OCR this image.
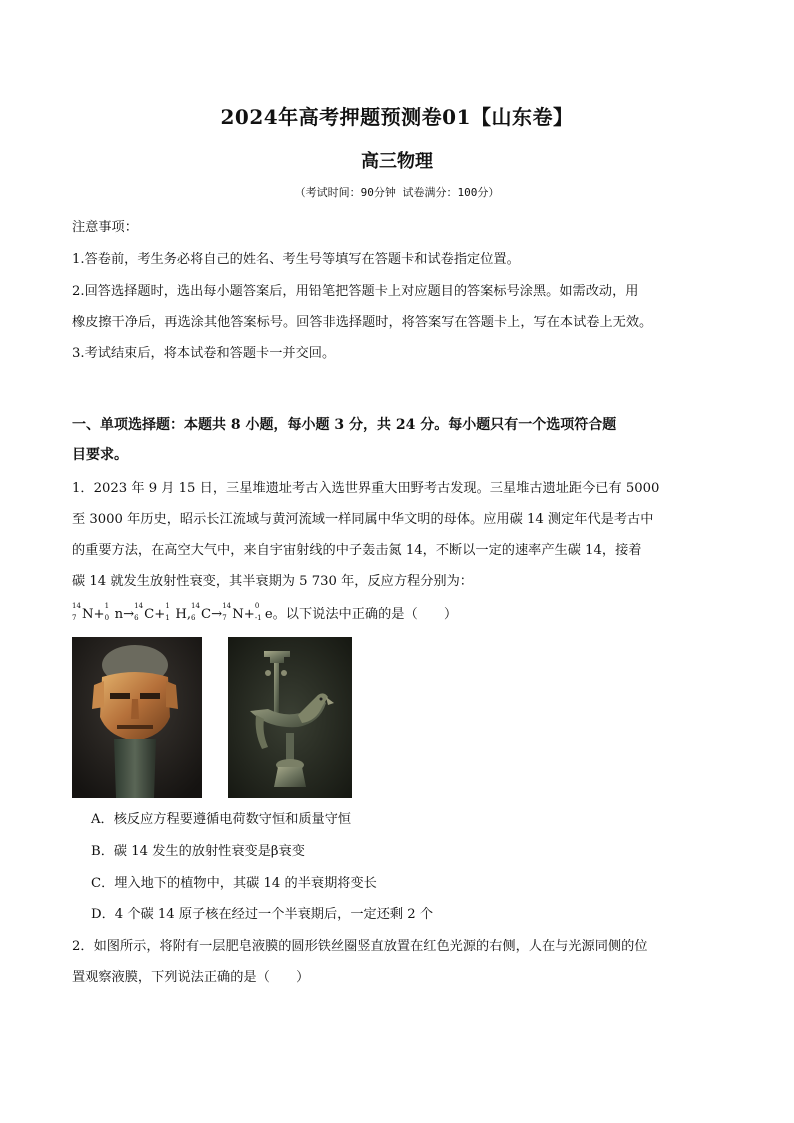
2024年高考押题预测卷01【山东卷】
高三物理
（考试时间：90分钟 试卷满分：100分）
注意事项：
1.答卷前，考生务必将自己的姓名、考生号等填写在答题卡和试卷指定位置。
2.回答选择题时，选出每小题答案后，用铅笔把答题卡上对应题目的答案标号涂黑。如需改动，用
橡皮擦干净后，再选涂其他答案标号。回答非选择题时，将答案写在答题卡上，写在本试卷上无效。
3.考试结束后，将本试卷和答题卡一并交回。
一、单项选择题：本题共 8 小题，每小题 3 分，共 24 分。每小题只有一个选项符合题
目要求。
1．2023 年 9 月 15 日，三星堆遗址考古入选世界重大田野考古发现。三星堆古遗址距今已有 5000
至 3000 年历史，昭示长江流域与黄河流域一样同属中华文明的母体。应用碳 14 测定年代是考古中
的重要方法，在高空大气中，来自宇宙射线的中子轰击氮 14，不断以一定的速率产生碳 14，接着
碳 14 就发生放射性衰变，其半衰期为 5 730 年，反应方程分别为：
14
7 N+
1
0 n→
14
6 C+
1
1 H,
14
6 C→
14
7 N+
0
-1 e。以下说法中正确的是（　　）
A．核反应方程要遵循电荷数守恒和质量守恒
B．碳 14 发生的放射性衰变是β衰变
C．埋入地下的植物中，其碳 14 的半衰期将变长
D．4 个碳 14 原子核在经过一个半衰期后，一定还剩 2 个
2．如图所示，将附有一层肥皂液膜的圆形铁丝圈竖直放置在红色光源的右侧，人在与光源同侧的位
置观察液膜，下列说法正确的是（　　）
